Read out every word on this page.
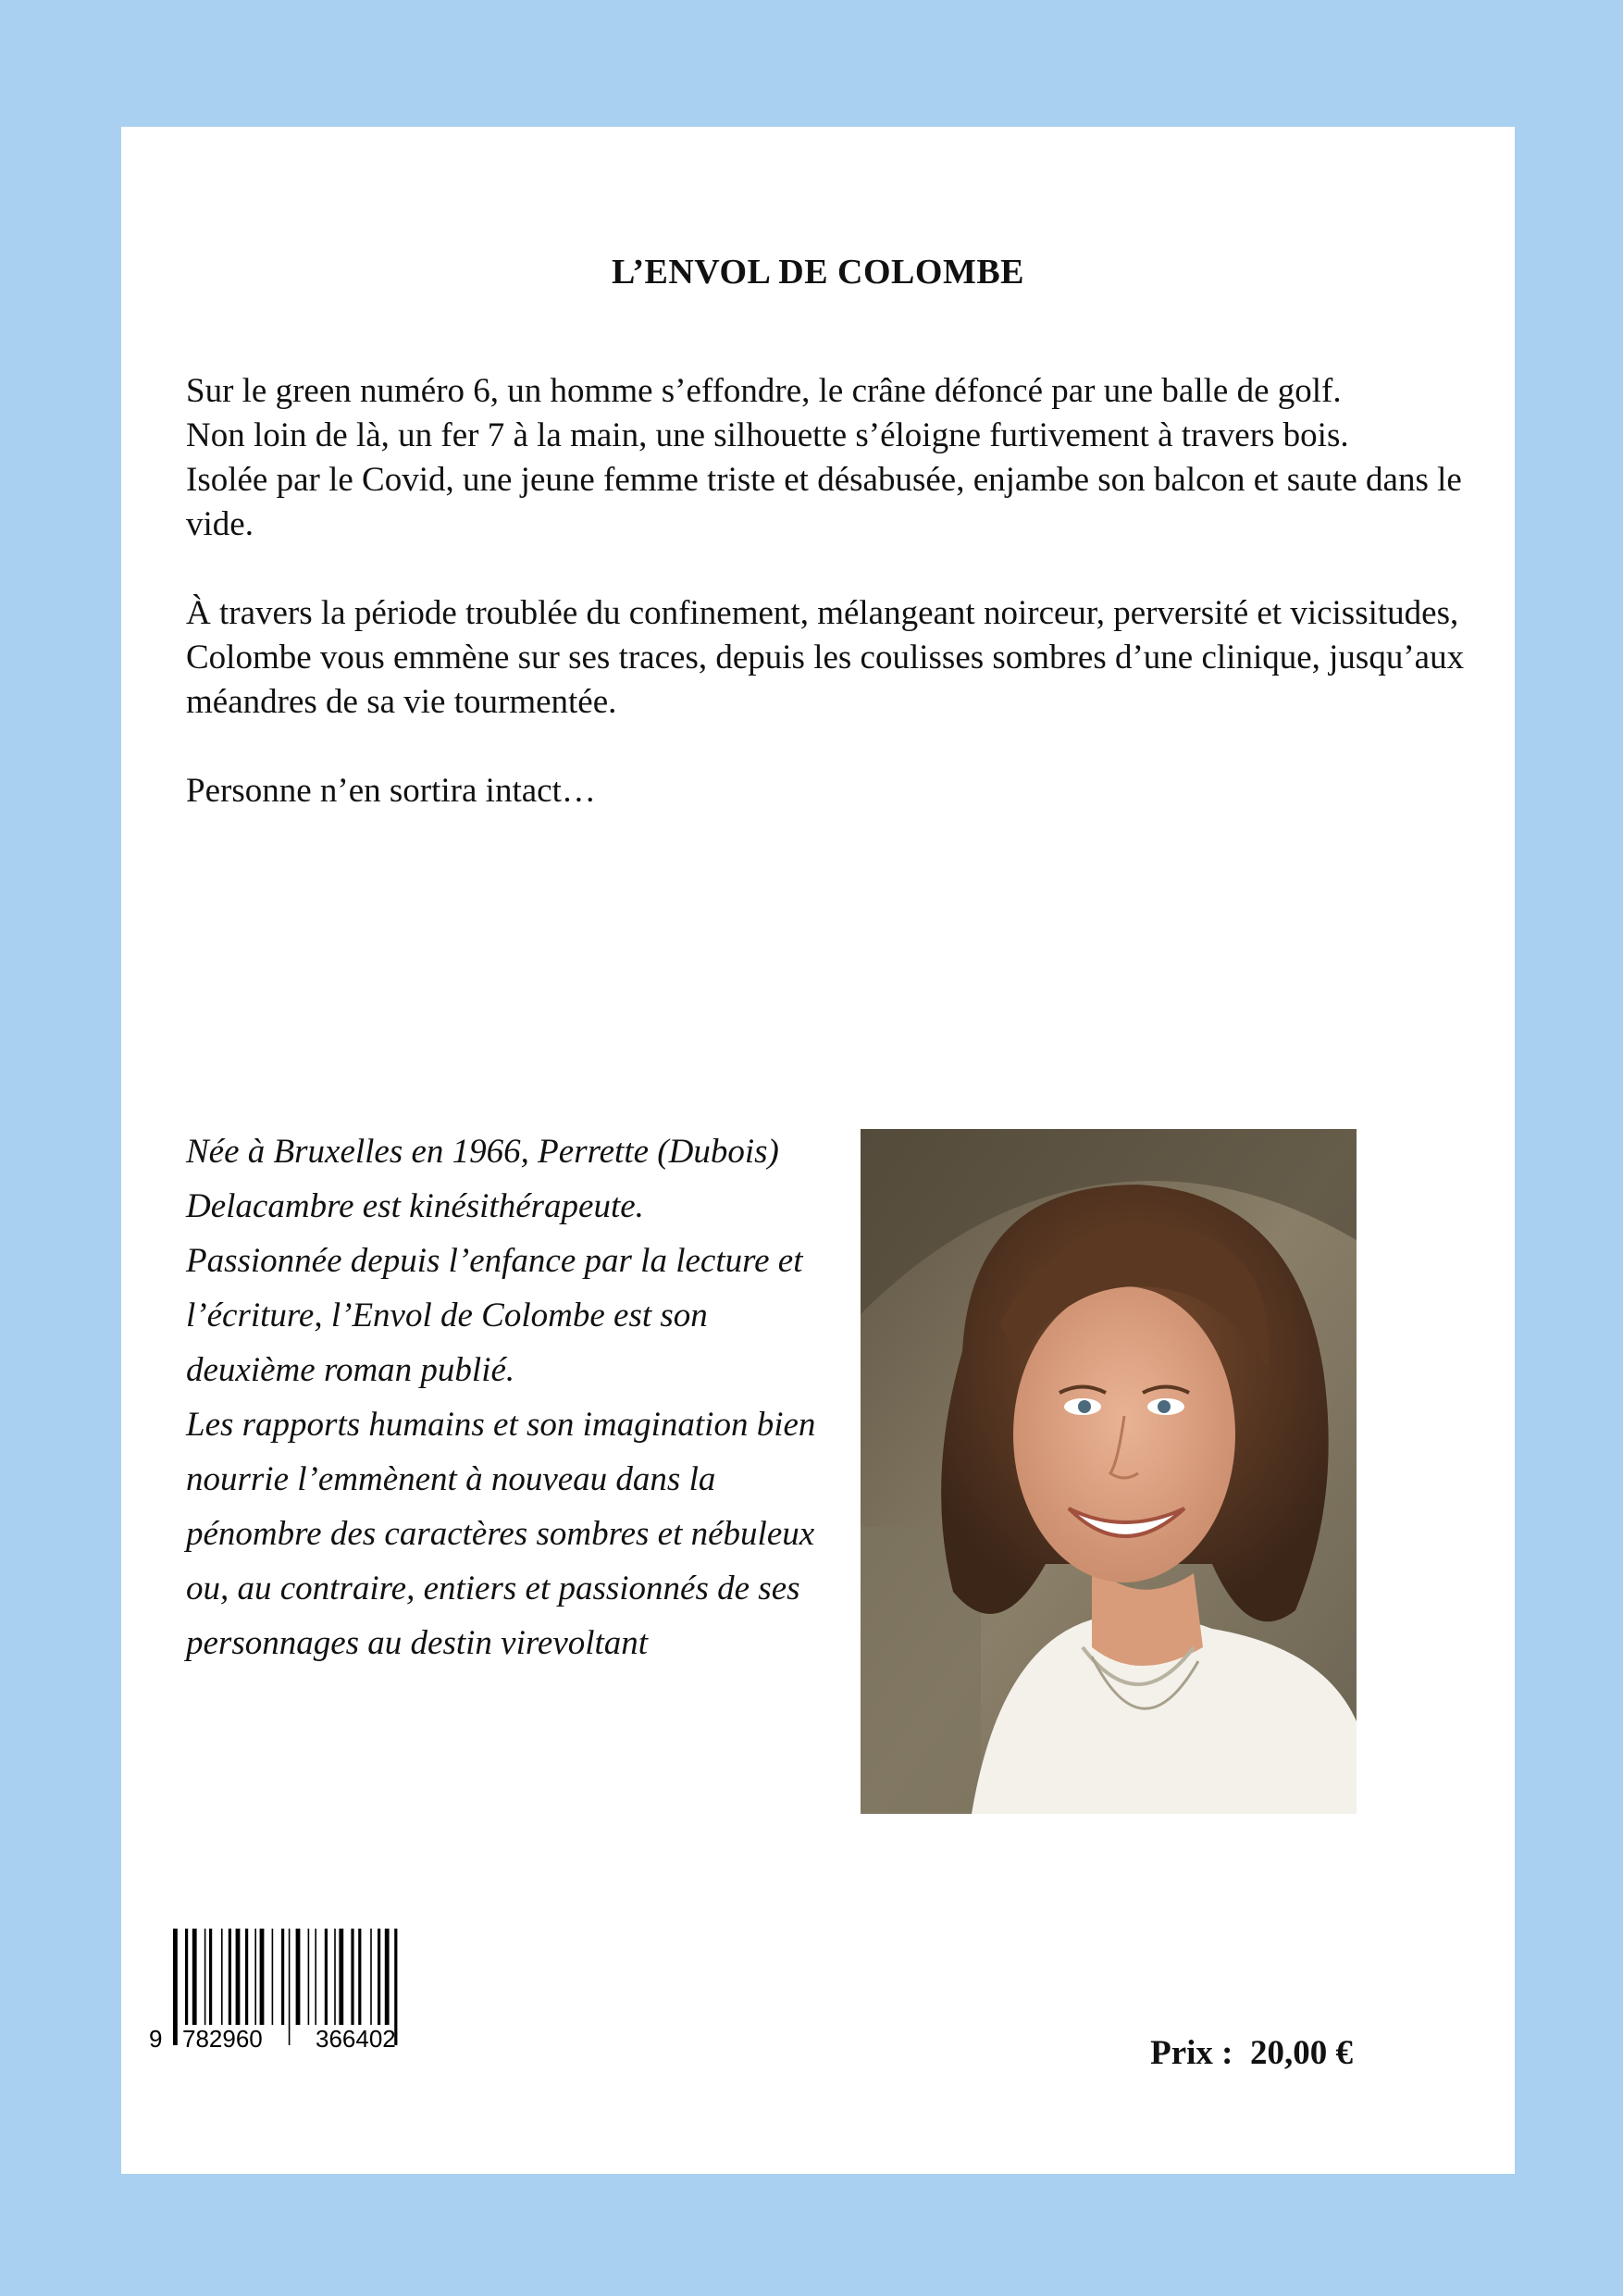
L’ENVOL DE COLOMBE

Sur le green numéro 6, un homme s’effondre, le crâne défoncé par une balle de golf.

Non loin de là, un fer 7 à la main, une silhouette s’éloigne furtivement à travers bois.

Isolée par le Covid, une jeune femme triste et désabusée, enjambe son balcon et saute dans le vide.

À travers la période troublée du confinement, mélangeant noirceur, perversité et vicissitudes, Colombe vous emmène sur ses traces, depuis les coulisses sombres d’une clinique, jusqu’aux méandres de sa vie tourmentée.

Personne n’en sortira intact…

Née à Bruxelles en 1966, Perrette (Dubois) Delacambre est kinésithérapeute.

Passionnée depuis l’enfance par la lecture et l’écriture, l’Envol de Colombe est son deuxième roman publié.

Les rapports humains et son imagination bien nourrie l’emmènent à nouveau dans la pénombre des caractères sombres et nébuleux ou, au contraire, entiers et passionnés de ses personnages au destin virevoltant

9 782960 366402	Prix :  20,00 €
